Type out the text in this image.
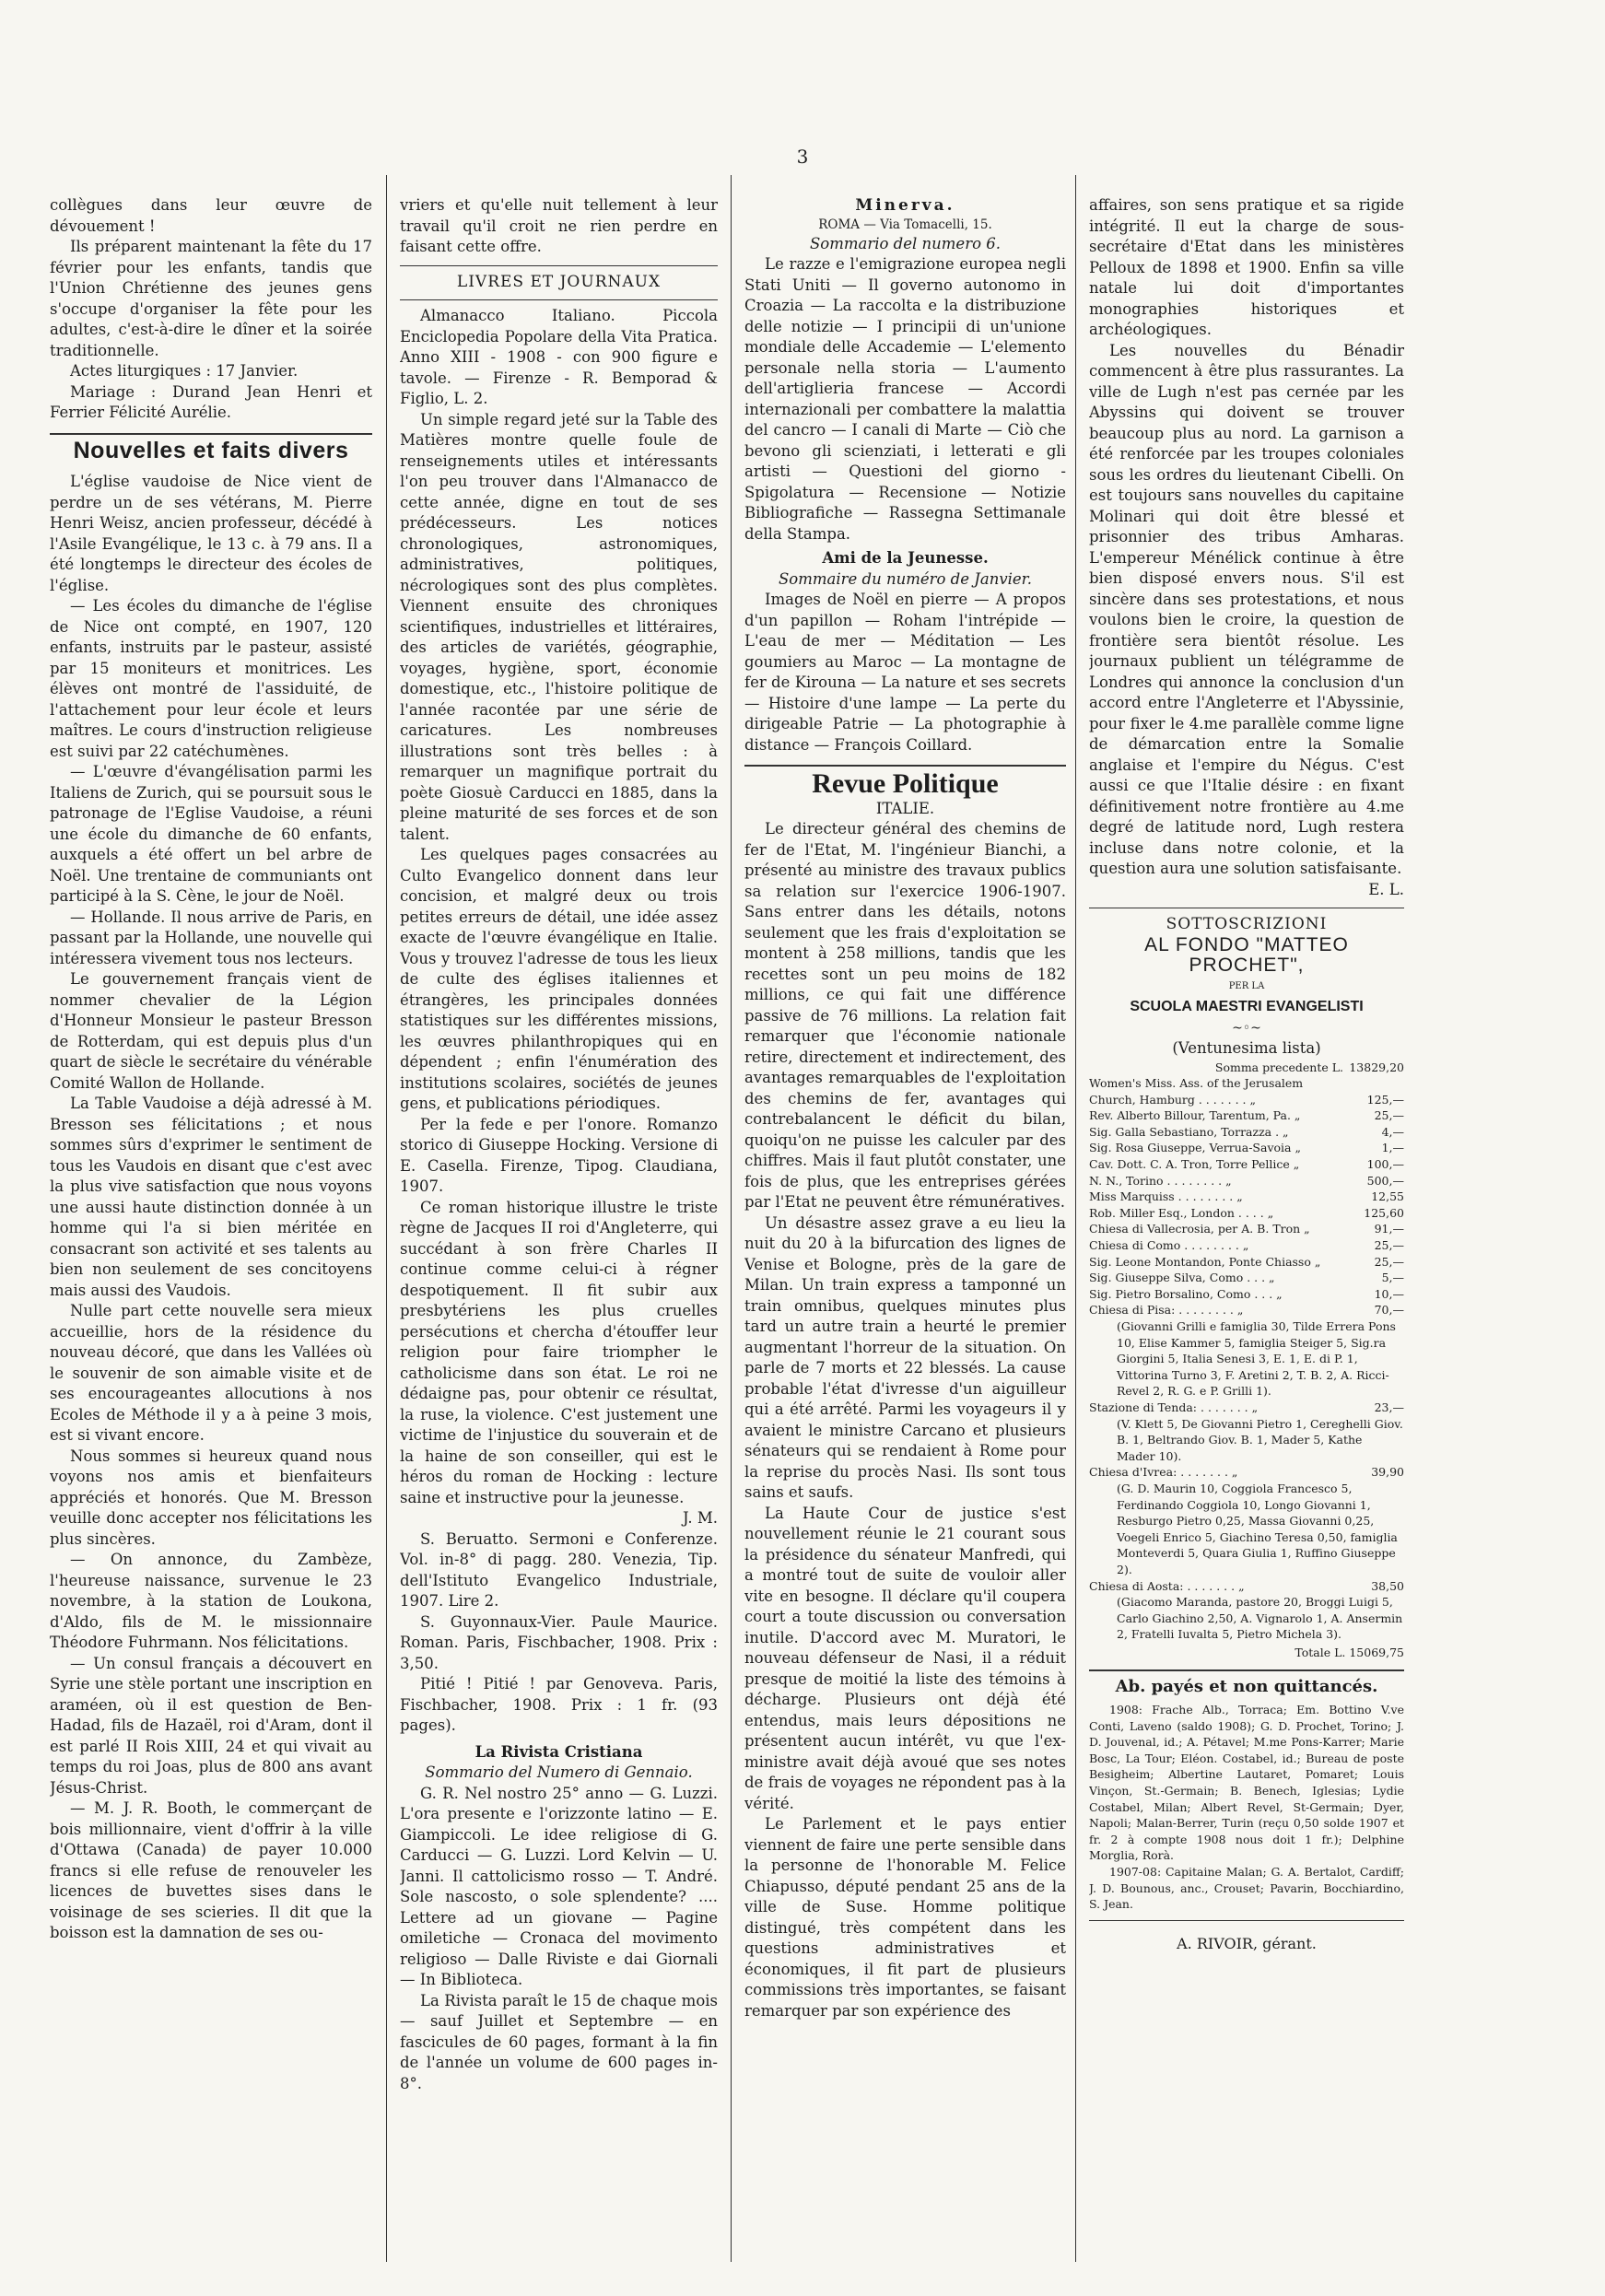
3

collègues dans leur œuvre de dévouement !

Ils préparent maintenant la fête du 17 février pour les enfants, tandis que l'Union Chrétienne des jeunes gens s'occupe d'organiser la fête pour les adultes, c'est-à-dire le dîner et la soirée traditionnelle.

Actes liturgiques : 17 Janvier.

Mariage : Durand Jean Henri et Ferrier Félicité Aurélie.

Nouvelles et faits divers

L'église vaudoise de Nice vient de perdre un de ses vétérans, M. Pierre Henri Weisz, ancien professeur, décédé à l'Asile Evangélique, le 13 c. à 79 ans. Il a été longtemps le directeur des écoles de l'église.

— Les écoles du dimanche de l'église de Nice ont compté, en 1907, 120 enfants, instruits par le pasteur, assisté par 15 moniteurs et monitrices. Les élèves ont montré de l'assiduité, de l'attachement pour leur école et leurs maîtres. Le cours d'instruction religieuse est suivi par 22 catéchumènes.

— L'œuvre d'évangélisation parmi les Italiens de Zurich, qui se poursuit sous le patronage de l'Eglise Vaudoise, a réuni une école du dimanche de 60 enfants, auxquels a été offert un bel arbre de Noël. Une trentaine de communiants ont participé à la S. Cène, le jour de Noël.

— Hollande. Il nous arrive de Paris, en passant par la Hollande, une nouvelle qui intéressera vivement tous nos lecteurs.

Le gouvernement français vient de nommer chevalier de la Légion d'Honneur Monsieur le pasteur Bresson de Rotterdam, qui est depuis plus d'un quart de siècle le secrétaire du vénérable Comité Wallon de Hollande.

La Table Vaudoise a déjà adressé à M. Bresson ses félicitations ; et nous sommes sûrs d'exprimer le sentiment de tous les Vaudois en disant que c'est avec la plus vive satisfaction que nous voyons une aussi haute distinction donnée à un homme qui l'a si bien méritée en consacrant son activité et ses talents au bien non seulement de ses concitoyens mais aussi des Vaudois.

Nulle part cette nouvelle sera mieux accueillie, hors de la résidence du nouveau décoré, que dans les Vallées où le souvenir de son aimable visite et de ses encourageantes allocutions à nos Ecoles de Méthode il y a à peine 3 mois, est si vivant encore.

Nous sommes si heureux quand nous voyons nos amis et bienfaiteurs appréciés et honorés. Que M. Bresson veuille donc accepter nos félicitations les plus sincères.

— On annonce, du Zambèze, l'heureuse naissance, survenue le 23 novembre, à la station de Loukona, d'Aldo, fils de M. le missionnaire Théodore Fuhrmann. Nos félicitations.

— Un consul français a découvert en Syrie une stèle portant une inscription en araméen, où il est question de Ben-Hadad, fils de Hazaël, roi d'Aram, dont il est parlé II Rois XIII, 24 et qui vivait au temps du roi Joas, plus de 800 ans avant Jésus-Christ.

— M. J. R. Booth, le commerçant de bois millionnaire, vient d'offrir à la ville d'Ottawa (Canada) de payer 10.000 francs si elle refuse de renouveler les licences de buvettes sises dans le voisinage de ses scieries. Il dit que la boisson est la damnation de ses ou-

vriers et qu'elle nuit tellement à leur travail qu'il croit ne rien perdre en faisant cette offre.

LIVRES ET JOURNAUX

Almanacco Italiano. Piccola Enciclopedia Popolare della Vita Pratica. Anno XIII - 1908 - con 900 figure e tavole. — Firenze - R. Bemporad & Figlio, L. 2.

Un simple regard jeté sur la Table des Matières montre quelle foule de renseignements utiles et intéressants l'on peu trouver dans l'Almanacco de cette année, digne en tout de ses prédécesseurs. Les notices chronologiques, astronomiques, administratives, politiques, nécrologiques sont des plus complètes. Viennent ensuite des chroniques scientifiques, industrielles et littéraires, des articles de variétés, géographie, voyages, hygiène, sport, économie domestique, etc., l'histoire politique de l'année racontée par une série de caricatures. Les nombreuses illustrations sont très belles : à remarquer un magnifique portrait du poète Giosuè Carducci en 1885, dans la pleine maturité de ses forces et de son talent.

Les quelques pages consacrées au Culto Evangelico donnent dans leur concision, et malgré deux ou trois petites erreurs de détail, une idée assez exacte de l'œuvre évangélique en Italie. Vous y trouvez l'adresse de tous les lieux de culte des églises italiennes et étrangères, les principales données statistiques sur les différentes missions, les œuvres philanthropiques qui en dépendent ; enfin l'énumération des institutions scolaires, sociétés de jeunes gens, et publications périodiques.

Per la fede e per l'onore. Romanzo storico di Giuseppe Hocking. Versione di E. Casella. Firenze, Tipog. Claudiana, 1907.

Ce roman historique illustre le triste règne de Jacques II roi d'Angleterre, qui succédant à son frère Charles II continue comme celui-ci à régner despotiquement. Il fit subir aux presbytériens les plus cruelles persécutions et chercha d'étouffer leur religion pour faire triompher le catholicisme dans son état. Le roi ne dédaigne pas, pour obtenir ce résultat, la ruse, la violence. C'est justement une victime de l'injustice du souverain et de la haine de son conseiller, qui est le héros du roman de Hocking : lecture saine et instructive pour la jeunesse.

J. M.

S. Beruatto. Sermoni e Conferenze. Vol. in-8° di pagg. 280. Venezia, Tip. dell'Istituto Evangelico Industriale, 1907. Lire 2.

S. Guyonnaux-Vier. Paule Maurice. Roman. Paris, Fischbacher, 1908. Prix : 3,50.

Pitié ! Pitié ! par Genoveva. Paris, Fischbacher, 1908. Prix : 1 fr. (93 pages).

La Rivista Cristiana
Sommario del Numero di Gennaio.

G. R. Nel nostro 25° anno — G. Luzzi. L'ora presente e l'orizzonte latino — E. Giampiccoli. Le idee religiose di G. Carducci — G. Luzzi. Lord Kelvin — U. Janni. Il cattolicismo rosso — T. André. Sole nascosto, o sole splendente? .... Lettere ad un giovane — Pagine omiletiche — Cronaca del movimento religioso — Dalle Riviste e dai Giornali — In Biblioteca.

La Rivista paraît le 15 de chaque mois — sauf Juillet et Septembre — en fascicules de 60 pages, formant à la fin de l'année un volume de 600 pages in-8°.

Minerva.
ROMA — Via Tomacelli, 15.
Sommario del numero 6.

Le razze e l'emigrazione europea negli Stati Uniti — Il governo autonomo in Croazia — La raccolta e la distribuzione delle notizie — I principii di un'unione mondiale delle Accademie — L'elemento personale nella storia — L'aumento dell'artiglieria francese — Accordi internazionali per combattere la malattia del cancro — I canali di Marte — Ciò che bevono gli scienziati, i letterati e gli artisti — Questioni del giorno - Spigolatura — Recensione — Notizie Bibliografiche — Rassegna Settimanale della Stampa.

Ami de la Jeunesse.
Sommaire du numéro de Janvier.

Images de Noël en pierre — A propos d'un papillon — Roham l'intrépide — L'eau de mer — Méditation — Les goumiers au Maroc — La montagne de fer de Kirouna — La nature et ses secrets — Histoire d'une lampe — La perte du dirigeable Patrie — La photographie à distance — François Coillard.

Revue Politique
ITALIE.

Le directeur général des chemins de fer de l'Etat, M. l'ingénieur Bianchi, a présenté au ministre des travaux publics sa relation sur l'exercice 1906-1907. Sans entrer dans les détails, notons seulement que les frais d'exploitation se montent à 258 millions, tandis que les recettes sont un peu moins de 182 millions, ce qui fait une différence passive de 76 millions. La relation fait remarquer que l'économie nationale retire, directement et indirectement, des avantages remarquables de l'exploitation des chemins de fer, avantages qui contrebalancent le déficit du bilan, quoiqu'on ne puisse les calculer par des chiffres. Mais il faut plutôt constater, une fois de plus, que les entreprises gérées par l'Etat ne peuvent être rémunératives.

Un désastre assez grave a eu lieu la nuit du 20 à la bifurcation des lignes de Venise et Bologne, près de la gare de Milan. Un train express a tamponné un train omnibus, quelques minutes plus tard un autre train a heurté le premier augmentant l'horreur de la situation. On parle de 7 morts et 22 blessés. La cause probable l'état d'ivresse d'un aiguilleur qui a été arrêté. Parmi les voyageurs il y avaient le ministre Carcano et plusieurs sénateurs qui se rendaient à Rome pour la reprise du procès Nasi. Ils sont tous sains et saufs.

La Haute Cour de justice s'est nouvellement réunie le 21 courant sous la présidence du sénateur Manfredi, qui a montré tout de suite de vouloir aller vite en besogne. Il déclare qu'il coupera court a toute discussion ou conversation inutile. D'accord avec M. Muratori, le nouveau défenseur de Nasi, il a réduit presque de moitié la liste des témoins à décharge. Plusieurs ont déjà été entendus, mais leurs dépositions ne présentent aucun intérêt, vu que l'ex-ministre avait déjà avoué que ses notes de frais de voyages ne répondent pas à la vérité.

Le Parlement et le pays entier viennent de faire une perte sensible dans la personne de l'honorable M. Felice Chiapusso, député pendant 25 ans de la ville de Suse. Homme politique distingué, très compétent dans les questions administratives et économiques, il fit part de plusieurs commissions très importantes, se faisant remarquer par son expérience des

affaires, son sens pratique et sa rigide intégrité. Il eut la charge de sous-secrétaire d'Etat dans les ministères Pelloux de 1898 et 1900. Enfin sa ville natale lui doit d'importantes monographies historiques et archéologiques.

Les nouvelles du Bénadir commencent à être plus rassurantes. La ville de Lugh n'est pas cernée par les Abyssins qui doivent se trouver beaucoup plus au nord. La garnison a été renforcée par les troupes coloniales sous les ordres du lieutenant Cibelli. On est toujours sans nouvelles du capitaine Molinari qui doit être blessé et prisonnier des tribus Amharas. L'empereur Ménélick continue à être bien disposé envers nous. S'il est sincère dans ses protestations, et nous voulons bien le croire, la question de frontière sera bientôt résolue. Les journaux publient un télégramme de Londres qui annonce la conclusion d'un accord entre l'Angleterre et l'Abyssinie, pour fixer le 4.me parallèle comme ligne de démarcation entre la Somalie anglaise et l'empire du Négus. C'est aussi ce que l'Italie désire : en fixant définitivement notre frontière au 4.me degré de latitude nord, Lugh restera incluse dans notre colonie, et la question aura une solution satisfaisante.

E. L.
SOTTOSCRIZIONI
AL FONDO "MATTEO PROCHET",
PER LA
SCUOLA MAESTRI EVANGELISTI
~◦~
(Ventunesima lista)
Somma precedente L. 13829,20
Women's Miss. Ass. of the Jerusalem
Church, Hamburg . . . . . . . „	125,—
Rev. Alberto Billour, Tarentum, Pa. „	25,—
Sig. Galla Sebastiano, Torrazza . „	4,—
Sig. Rosa Giuseppe, Verrua-Savoia „	1,—
Cav. Dott. C. A. Tron, Torre Pellice „	100,—
N. N., Torino . . . . . . . . „	500,—
Miss Marquiss . . . . . . . . „	12,55
Rob. Miller Esq., London . . . . „	125,60
Chiesa di Vallecrosia, per A. B. Tron „	91,—
Chiesa di Como . . . . . . . . „	25,—
Sig. Leone Montandon, Ponte Chiasso „	25,—
Sig. Giuseppe Silva, Como . . . „	5,—
Sig. Pietro Borsalino, Como . . . „	10,—
Chiesa di Pisa: . . . . . . . . „	70,—
(Giovanni Grilli e famiglia 30, Tilde Errera Pons 10, Elise Kammer 5, famiglia Steiger 5, Sig.ra Giorgini 5, Italia Senesi 3, E. 1, E. di P. 1, Vittorina Turno 3, F. Aretini 2, T. B. 2, A. Ricci-Revel 2, R. G. e P. Grilli 1).
Stazione di Tenda: . . . . . . . „	23,—
(V. Klett 5, De Giovanni Pietro 1, Cereghelli Giov. B. 1, Beltrando Giov. B. 1, Mader 5, Kathe Mader 10).
Chiesa d'Ivrea: . . . . . . . „	39,90
(G. D. Maurin 10, Coggiola Francesco 5, Ferdinando Coggiola 10, Longo Giovanni 1, Resburgo Pietro 0,25, Massa Giovanni 0,25, Voegeli Enrico 5, Giachino Teresa 0,50, famiglia Monteverdi 5, Quara Giulia 1, Ruffino Giuseppe 2).
Chiesa di Aosta: . . . . . . . „	38,50
(Giacomo Maranda, pastore 20, Broggi Luigi 5, Carlo Giachino 2,50, A. Vignarolo 1, A. Ansermin 2, Fratelli Iuvalta 5, Pietro Michela 3).
Totale L. 15069,75
Ab. payés et non quittancés.

1908: Frache Alb., Torraca; Em. Bottino V.ve Conti, Laveno (saldo 1908); G. D. Prochet, Torino; J. D. Jouvenal, id.; A. Pétavel; M.me Pons-Karrer; Marie Bosc, La Tour; Eléon. Costabel, id.; Bureau de poste Besigheim; Albertine Lautaret, Pomaret; Louis Vinçon, St.-Germain; B. Benech, Iglesias; Lydie Costabel, Milan; Albert Revel, St-Germain; Dyer, Napoli; Malan-Berrer, Turin (reçu 0,50 solde 1907 et fr. 2 à compte 1908 nous doit 1 fr.); Delphine Morglia, Rorà.

1907-08: Capitaine Malan; G. A. Bertalot, Cardiff; J. D. Bounous, anc., Crouset; Pavarin, Bocchiardino, S. Jean.

A. RIVOIR, gérant.
